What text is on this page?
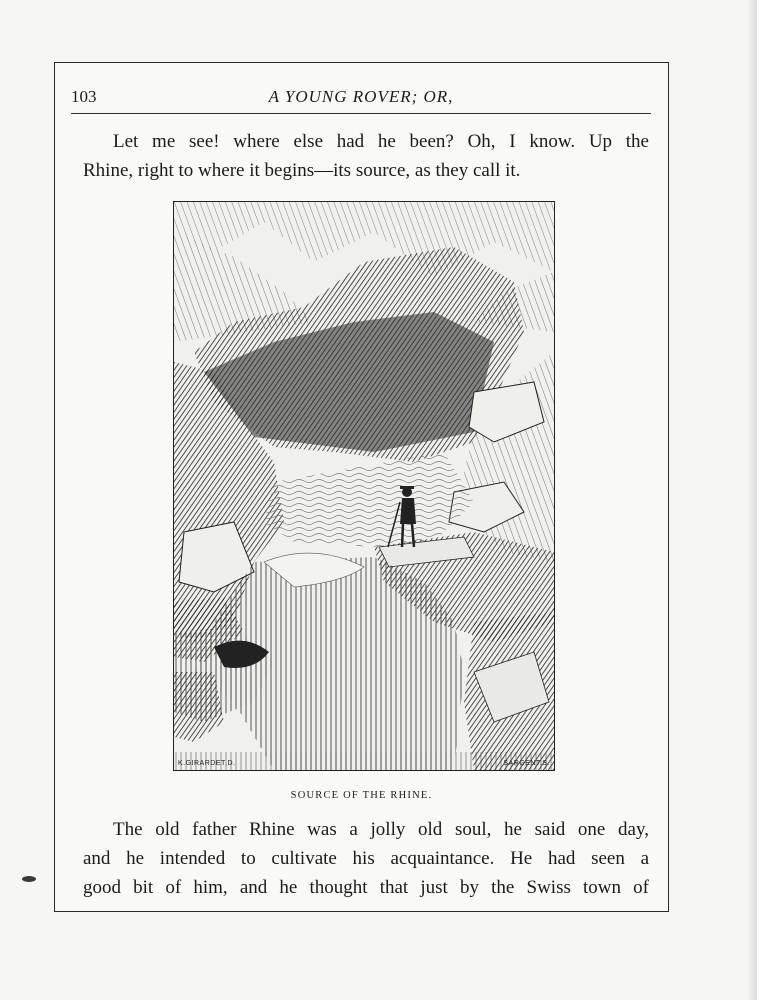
103	A YOUNG ROVER; OR,
Let me see! where else had he been? Oh, I know. Up the
Rhine, right to where it begins—its source, as they call it.
K.GIRARDET.D.	SARGENT.S.
SOURCE OF THE RHINE.
The old father Rhine was a jolly old soul, he said one day,
and he intended to cultivate his acquaintance. He had seen a
good bit of him, and he thought that just by the Swiss town of
